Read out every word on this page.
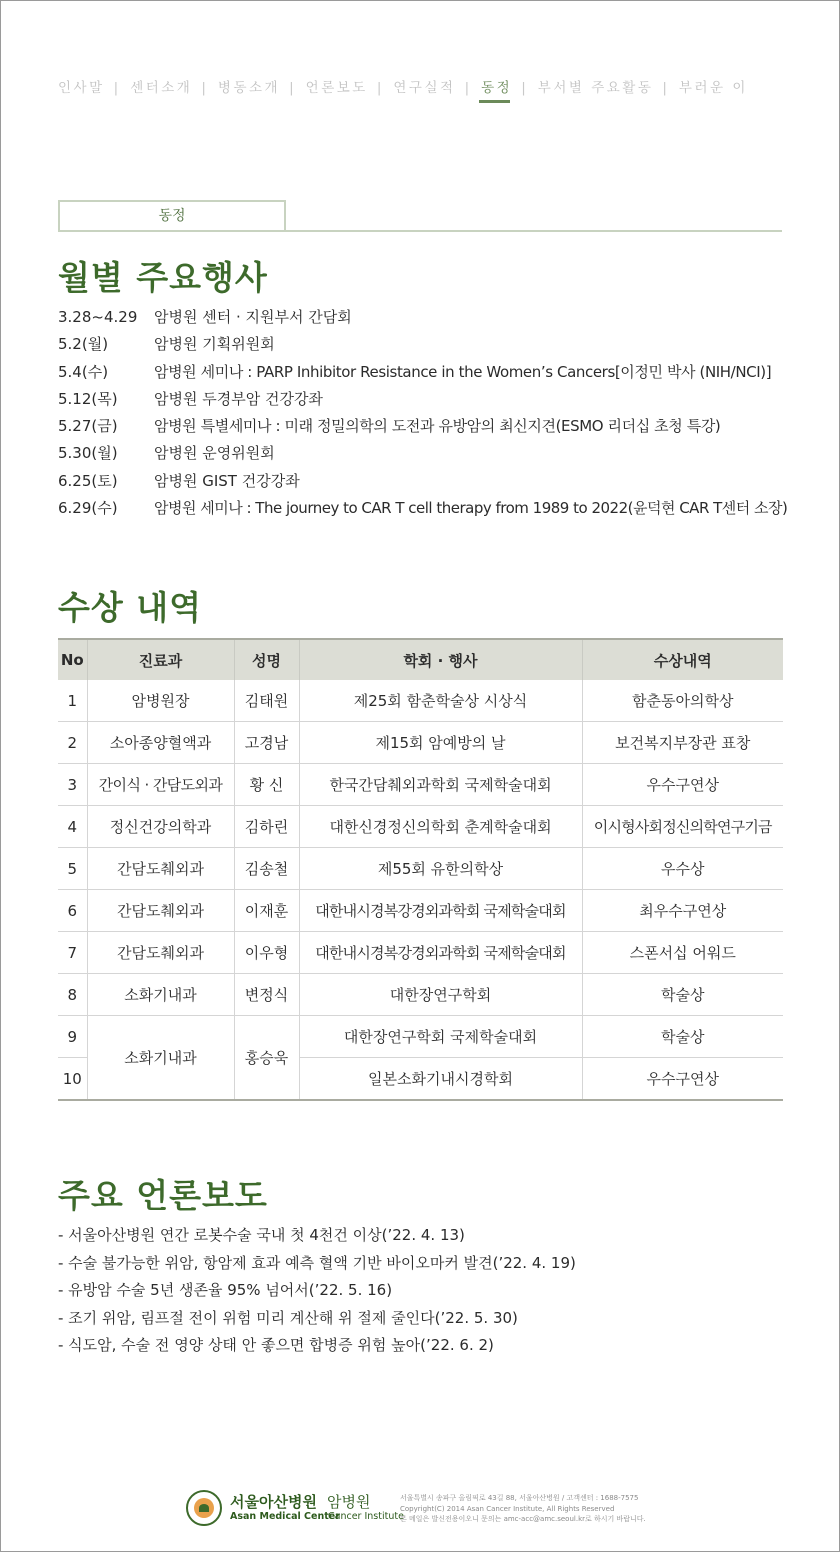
인사말 | 센터소개 | 병동소개 | 언론보도 | 연구실적 | 동정 | 부서별 주요활동 | 부러운 이
동정
월별 주요행사
3.28~4.29 암병원 센터 · 지원부서 간담회
5.2(월)	암병원 기획위원회
5.4(수)	암병원 세미나 : PARP Inhibitor Resistance in the Women’s Cancers[이정민 박사 (NIH/NCI)]
5.12(목) 암병원 두경부암 건강강좌
5.27(금) 암병원 특별세미나 : 미래 정밀의학의 도전과 유방암의 최신지견(ESMO 리더십 초청 특강)
5.30(월) 암병원 운영위원회
6.25(토) 암병원 GIST 건강강좌
6.29(수) 암병원 세미나 : The journey to CAR T cell therapy from 1989 to 2022(윤덕현 CAR T센터 소장)
수상 내역
No	진료과	성명	학회 · 행사	수상내역
1	암병원장	김태원	제25회 함춘학술상 시상식	함춘동아의학상
2	소아종양혈액과	고경남	제15회 암예방의 날	보건복지부장관 표창
3	간이식 · 간담도외과	황 신	한국간담췌외과학회 국제학술대회	우수구연상
4	정신건강의학과	김하린	대한신경정신의학회 춘계학술대회	이시형사회정신의학연구기금
5	간담도췌외과	김송철	제55회 유한의학상	우수상
6	간담도췌외과	이재훈	대한내시경복강경외과학회 국제학술대회	최우수구연상
7	간담도췌외과	이우형	대한내시경복강경외과학회 국제학술대회	스폰서십 어워드
8	소화기내과	변정식	대한장연구학회	학술상
9	소화기내과	홍승욱	대한장연구학회 국제학술대회	학술상
10			일본소화기내시경학회	우수구연상
주요 언론보도
- 서울아산병원 연간 로봇수술 국내 첫 4천건 이상(’22. 4. 13)
- 수술 불가능한 위암, 항암제 효과 예측 혈액 기반 바이오마커 발견(’22. 4. 19)
- 유방암 수술 5년 생존율 95% 넘어서(’22. 5. 16)
- 조기 위암, 림프절 전이 위험 미리 계산해 위 절제 줄인다(’22. 5. 30)
- 식도암, 수술 전 영양 상태 안 좋으면 합병증 위험 높아(’22. 6. 2)
서울아산병원
Asan Medical Center
암병원
Cancer Institute
서울특별시 송파구 올림픽로 43길 88, 서울아산병원 / 고객센터 : 1688-7575
Copyright(C) 2014 Asan Cancer Institute, All Rights Reserved
본 메일은 발신전용이오니 문의는 amc-acc@amc.seoul.kr로 하시기 바랍니다.
